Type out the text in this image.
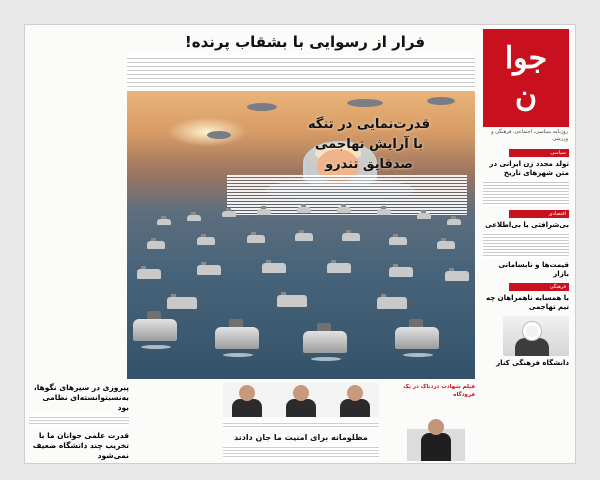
جوا
ن
روزنامه سیاسی، اجتماعی، فرهنگی و ورزشی
سیاسی
تولد مجدد زن ایرانی در متن شهرهای تاریخ
اقتصادی
بی‌شرافتی یا بی‌اطلاعی
قیمت‌ها و نابسامانی بازار
فرهنگی
با همسایه ناهمراهان چه تیم تهاجمی
دانشگاه فرهنگی کنار
فرار از رسوایی با بشقاب پرنده!
قدرت‌نمایی در تنگه
با آرایش تهاجمی
صدقایق تندرو
فیلم شهادت دردناک در یک فرودگاه
مظلومانه برای امنیت ما جان دادند
پیروزی در سیرهای نگوها، به‌نسبتوانسته‌ای نظامی بود
قدرت علمی جوانان ما با تخریب چند دانشگاه ضعیف نمی‌شود
